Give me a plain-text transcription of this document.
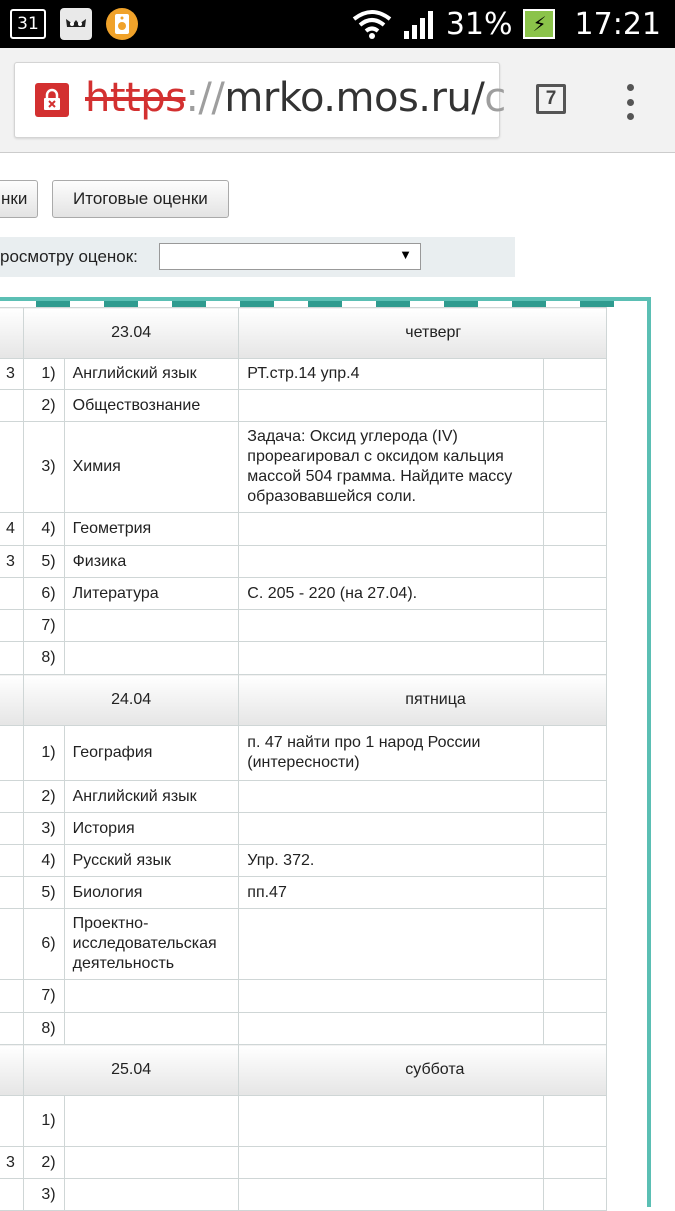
31	31% ⚡ 17:21
https://mrko.mos.ru/c	7
нки	Итоговые оценки
росмотру оценок:	▼
	23.04		четверг	
3	1)	Английский язык	РТ.стр.14 упр.4	
	2)	Обществознание		
	3)	Химия	Задача: Оксид углерода (IV) прореагировал с оксидом кальция массой 504 грамма. Найдите массу образовавшейся соли.	
4	4)	Геометрия		
3	5)	Физика		
	6)	Литература	С. 205 - 220 (на 27.04).	
	7)			
	8)			
	24.04		пятница	
	1)	География	п. 47 найти про 1 народ России (интересности)	
	2)	Английский язык		
	3)	История		
	4)	Русский язык	Упр. 372.	
	5)	Биология	пп.47	
	6)	Проектно-исследовательская деятельность		
	7)			
	8)			
	25.04		суббота	
	1)			
3	2)			
	3)			
